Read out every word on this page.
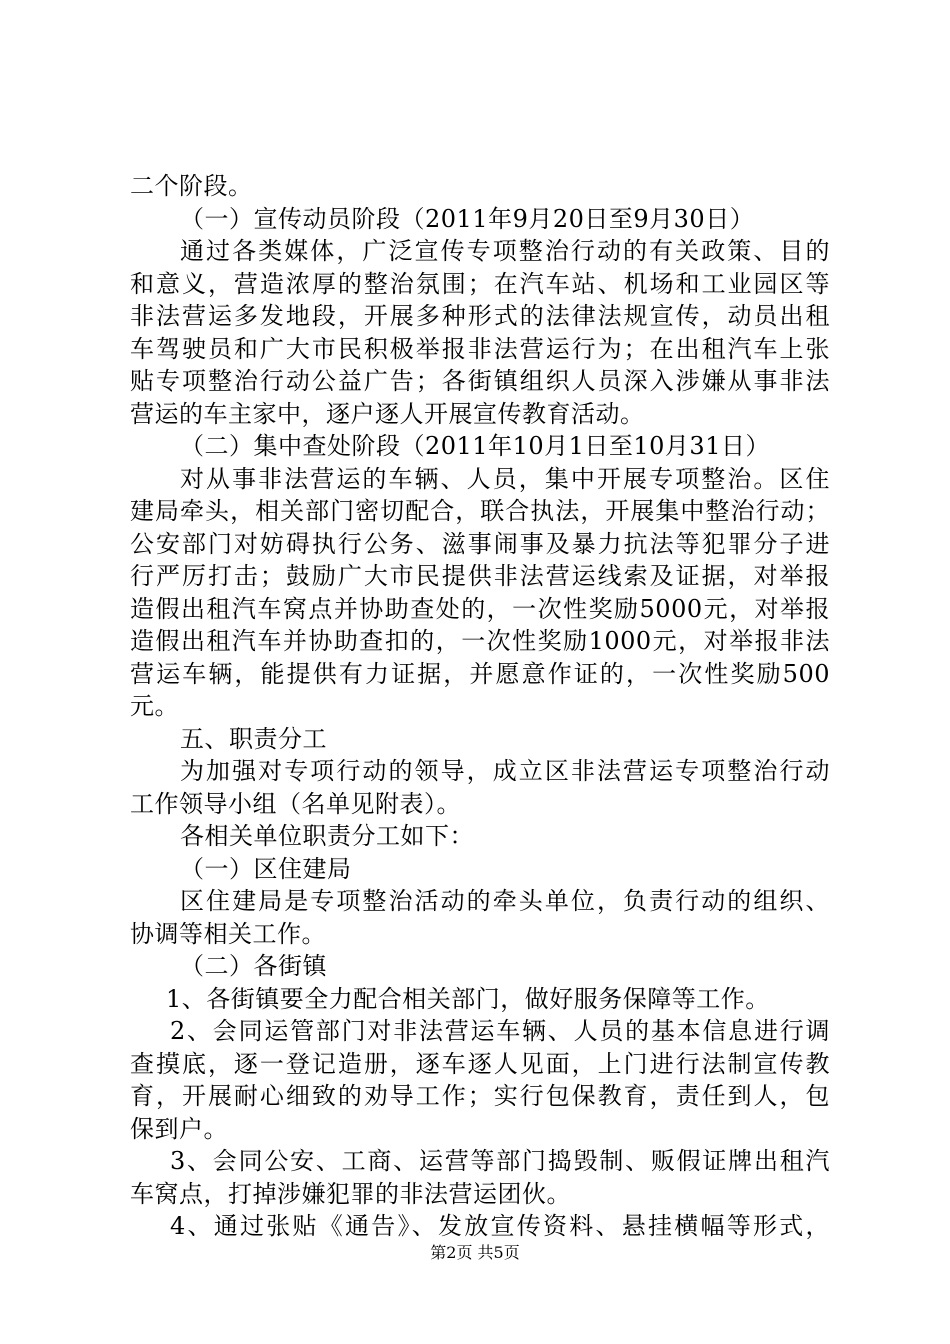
二个阶段。
（一）宣传动员阶段（2011年9月20日至9月30日）
通过各类媒体，广泛宣传专项整治行动的有关政策、目的
和意义，营造浓厚的整治氛围；在汽车站、机场和工业园区等
非法营运多发地段，开展多种形式的法律法规宣传，动员出租
车驾驶员和广大市民积极举报非法营运行为；在出租汽车上张
贴专项整治行动公益广告；各街镇组织人员深入涉嫌从事非法
营运的车主家中，逐户逐人开展宣传教育活动。
（二）集中查处阶段（2011年10月1日至10月31日）
对从事非法营运的车辆、人员，集中开展专项整治。区住
建局牵头，相关部门密切配合，联合执法，开展集中整治行动；
公安部门对妨碍执行公务、滋事闹事及暴力抗法等犯罪分子进
行严厉打击；鼓励广大市民提供非法营运线索及证据，对举报
造假出租汽车窝点并协助查处的，一次性奖励5000元，对举报
造假出租汽车并协助查扣的，一次性奖励1000元，对举报非法
营运车辆，能提供有力证据，并愿意作证的，一次性奖励500
元。
五、职责分工
为加强对专项行动的领导，成立区非法营运专项整治行动
工作领导小组（名单见附表）。
各相关单位职责分工如下：
（一）区住建局
区住建局是专项整治活动的牵头单位，负责行动的组织、
协调等相关工作。
（二）各街镇
1、各街镇要全力配合相关部门，做好服务保障等工作。
2、会同运管部门对非法营运车辆、人员的基本信息进行调
查摸底，逐一登记造册，逐车逐人见面，上门进行法制宣传教
育，开展耐心细致的劝导工作；实行包保教育，责任到人，包
保到户。
3、会同公安、工商、运营等部门捣毁制、贩假证牌出租汽
车窝点，打掉涉嫌犯罪的非法营运团伙。
4、通过张贴《通告》、发放宣传资料、悬挂横幅等形式，
第2页 共5页
